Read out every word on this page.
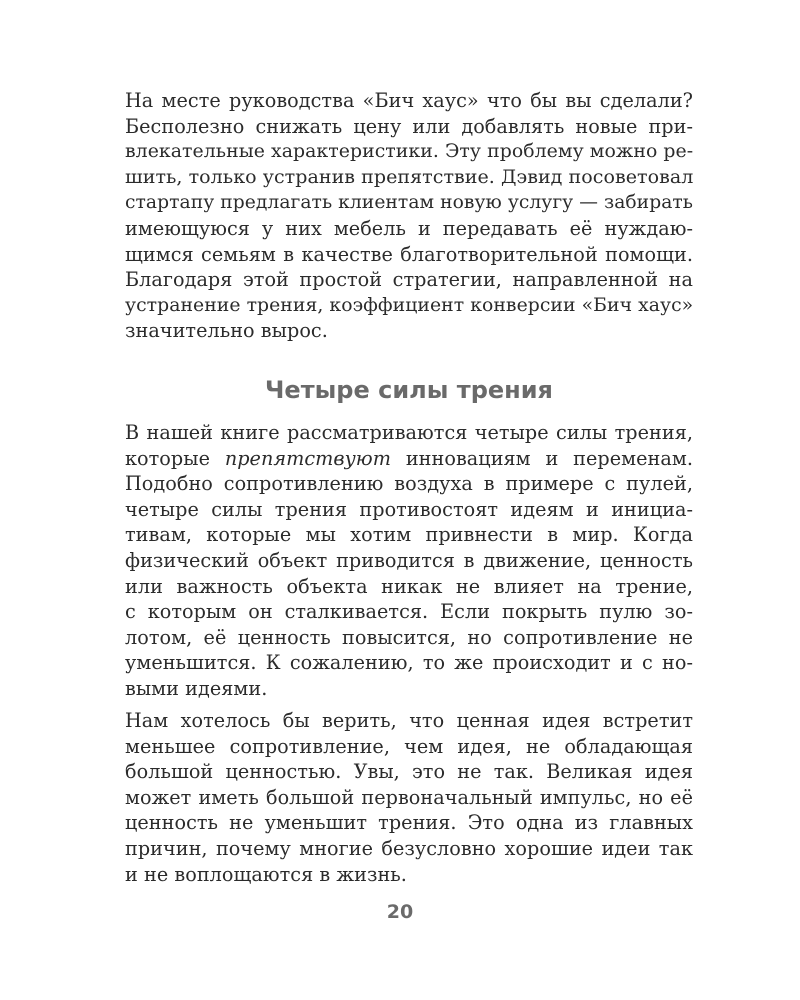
На месте руководства «Бич хаус» что бы вы сделали?
Бесполезно снижать цену или добавлять новые при-
влекательные характеристики. Эту проблему можно ре-
шить, только устранив препятствие. Дэвид посоветовал
стартапу предлагать клиентам новую услугу — забирать
имеющуюся у них мебель и передавать её нуждаю-
щимся семьям в качестве благотворительной помощи.
Благодаря этой простой стратегии, направленной на
устранение трения, коэффициент конверсии «Бич хаус»
значительно вырос.

Четыре силы трения

В нашей книге рассматриваются четыре силы трения,
которые препятствуют инновациям и переменам.
Подобно сопротивлению воздуха в примере с пулей,
четыре силы трения противостоят идеям и инициа-
тивам, которые мы хотим привнести в мир. Когда
физический объект приводится в движение, ценность
или важность объекта никак не влияет на трение,
с которым он сталкивается. Если покрыть пулю зо-
лотом, её ценность повысится, но сопротивление не
уменьшится. К сожалению, то же происходит и с но-
выми идеями.

Нам хотелось бы верить, что ценная идея встретит
меньшее сопротивление, чем идея, не обладающая
большой ценностью. Увы, это не так. Великая идея
может иметь большой первоначальный импульс, но её
ценность не уменьшит трения. Это одна из главных
причин, почему многие безусловно хорошие идеи так
и не воплощаются в жизнь.

20
